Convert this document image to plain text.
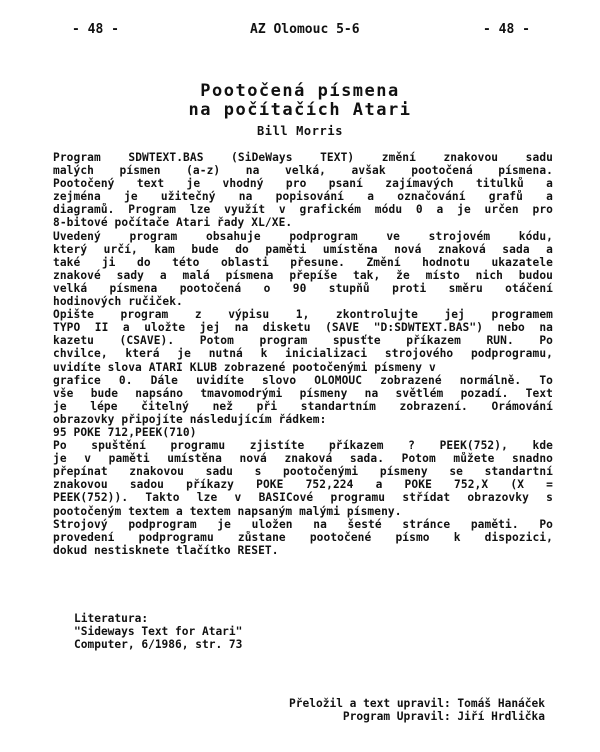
- 48 -	AZ Olomouc 5-6	- 48 -
Pootočená písmena
na počítačích Atari
Bill Morris
Program SDWTEXT.BAS (SiDeWays TEXT) změní znakovou sadu
malých písmen (a-z) na velká, avšak pootočená písmena.
Pootočený text je vhodný pro psaní zajímavých titulků a
zejména je užitečný na popisování a označování grafů a
diagramů. Program lze využít v grafickém módu 0 a je určen pro
8-bitové počítače Atari řady XL/XE.
Uvedený program obsahuje podprogram ve strojovém kódu,
který určí, kam bude do paměti umístěna nová znaková sada a
také ji do této oblasti přesune. Změní hodnotu ukazatele
znakové sady a malá písmena přepíše tak, že místo nich budou
velká písmena pootočená o 90 stupňů proti směru otáčení
hodinových ručiček.
Opište program z výpisu 1, zkontrolujte jej programem
TYPO II a uložte jej na disketu (SAVE "D:SDWTEXT.BAS") nebo na
kazetu (CSAVE). Potom program spusťte příkazem RUN. Po
chvilce, která je nutná k inicializaci strojového podprogramu,
uvidíte slova ATARI KLUB zobrazené pootočenými písmeny v
grafice 0. Dále uvidíte slovo OLOMOUC zobrazené normálně. To
vše bude napsáno tmavomodrými písmeny na světlém pozadí. Text
je lépe čitelný než při standartním zobrazení. Orámování
obrazovky připojíte následujícím řádkem:
95 POKE 712,PEEK(710)
Po spuštění programu zjistíte příkazem ? PEEK(752), kde
je v paměti umístěna nová znaková sada. Potom můžete snadno
přepínat znakovou sadu s pootočenými písmeny se standartní
znakovou sadou příkazy POKE 752,224 a POKE 752,X (X =
PEEK(752)). Takto lze v BASICové programu střídat obrazovky s
pootočeným textem a textem napsaným malými písmeny.
Strojový podprogram je uložen na šesté stránce paměti. Po
provedení podprogramu zůstane pootočené písmo k dispozici,
dokud nestisknete tlačítko RESET.
Literatura:
"Sideways Text for Atari"
Computer, 6/1986, str. 73
Přeložil a text upravil: Tomáš Hanáček
Program Upravil: Jiří Hrdlička
